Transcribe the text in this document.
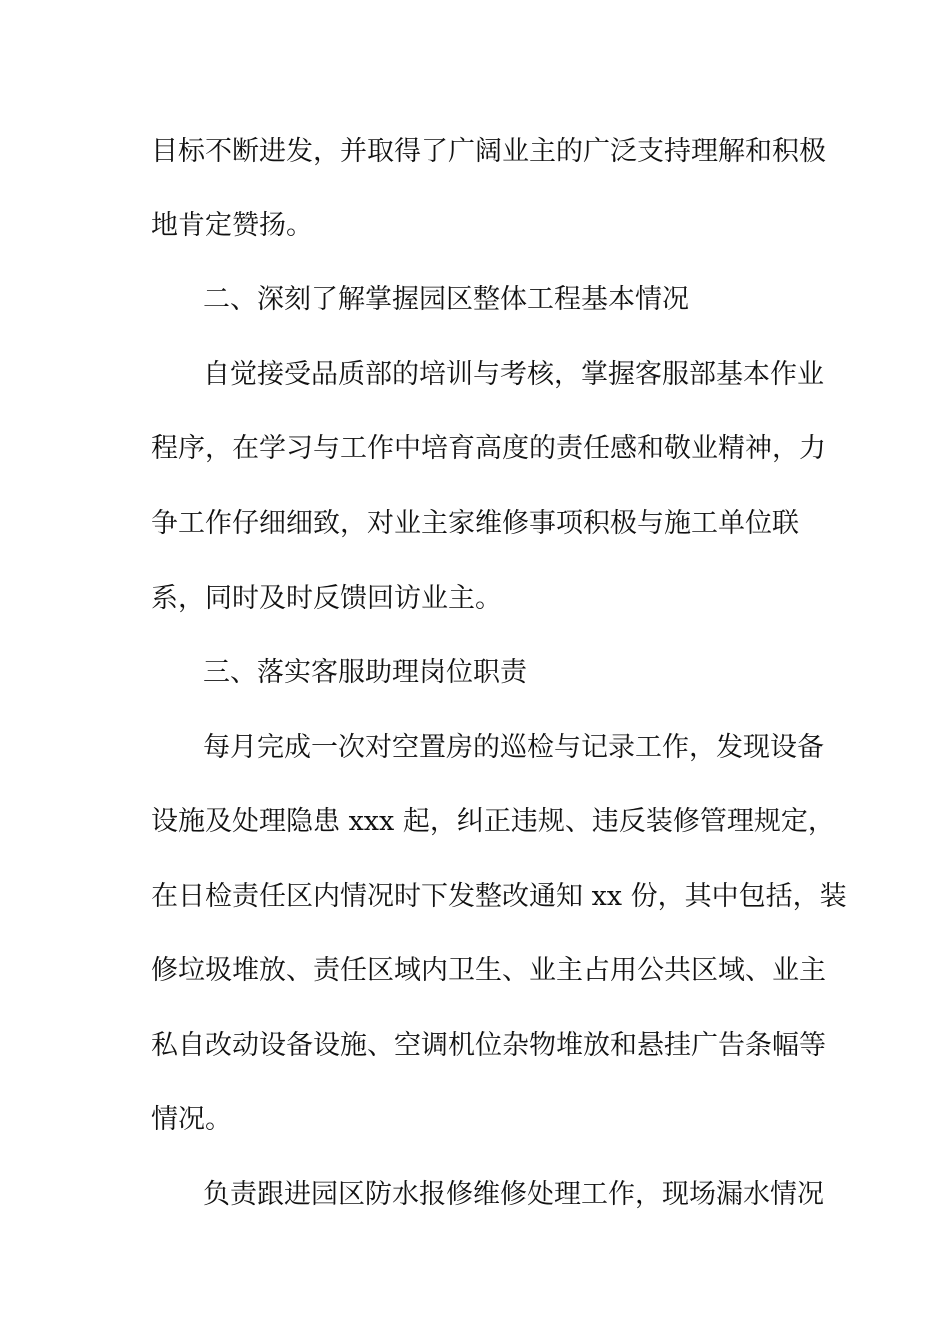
目标不断进发，并取得了广阔业主的广泛支持理解和积极
地肯定赞扬。
二、深刻了解掌握园区整体工程基本情况
自觉接受品质部的培训与考核，掌握客服部基本作业
程序，在学习与工作中培育高度的责任感和敬业精神，力
争工作仔细细致，对业主家维修事项积极与施工单位联
系，同时及时反馈回访业主。
三、落实客服助理岗位职责
每月完成一次对空置房的巡检与记录工作，发现设备
设施及处理隐患 xxx 起，纠正违规、违反装修管理规定，
在日检责任区内情况时下发整改通知 xx 份，其中包括，装
修垃圾堆放、责任区域内卫生、业主占用公共区域、业主
私自改动设备设施、空调机位杂物堆放和悬挂广告条幅等
情况。
负责跟进园区防水报修维修处理工作，现场漏水情况
